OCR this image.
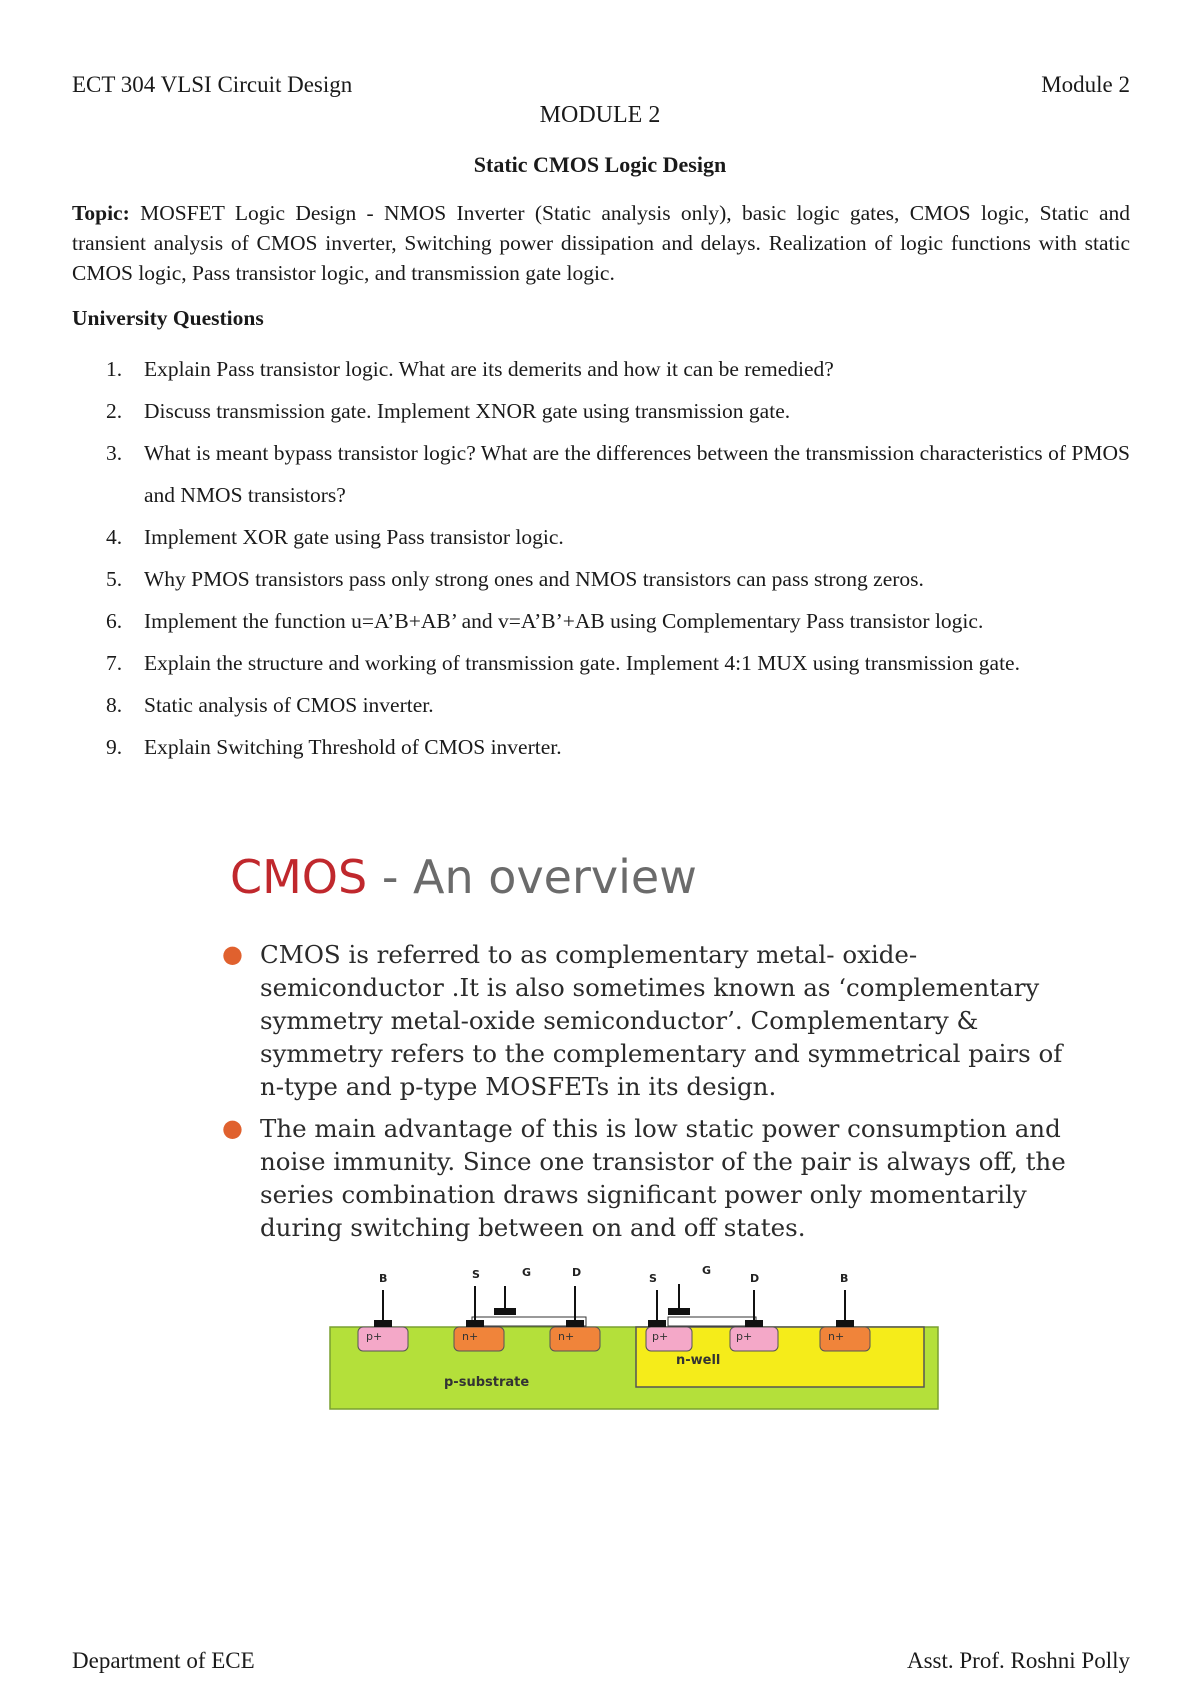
ECT 304 VLSI Circuit Design	Module 2
MODULE 2
Static CMOS Logic Design
Topic: MOSFET Logic Design - NMOS Inverter (Static analysis only), basic logic gates, CMOS logic, Static and transient analysis of CMOS inverter, Switching power dissipation and delays. Realization of logic functions with static CMOS logic, Pass transistor logic, and transmission gate logic.
University Questions
1. Explain Pass transistor logic. What are its demerits and how it can be remedied?
2. Discuss transmission gate. Implement XNOR gate using transmission gate.
3. What is meant bypass transistor logic? What are the differences between the transmission characteristics of PMOS and NMOS transistors?
4. Implement XOR gate using Pass transistor logic.
5. Why PMOS transistors pass only strong ones and NMOS transistors can pass strong zeros.
6. Implement the function u=A’B+AB’ and v=A’B’+AB using Complementary Pass transistor logic.
7. Explain the structure and working of transmission gate. Implement 4:1 MUX using transmission gate.
8. Static analysis of CMOS inverter.
9. Explain Switching Threshold of CMOS inverter.
CMOS - An overview
● CMOS is referred to as complementary metal- oxide-semiconductor .It is also sometimes known as ‘complementary symmetry metal-oxide semiconductor’. Complementary & symmetry refers to the complementary and symmetrical pairs of n-type and p-type MOSFETs in its design.
● The main advantage of this is low static power consumption and noise immunity. Since one transistor of the pair is always off, the series combination draws significant power only momentarily during switching between on and off states.
p-substrate
n-well
p+	n+	n+	p+	p+	n+
B	S	G	D	S
G
D	B
Department of ECE	Asst. Prof. Roshni Polly
